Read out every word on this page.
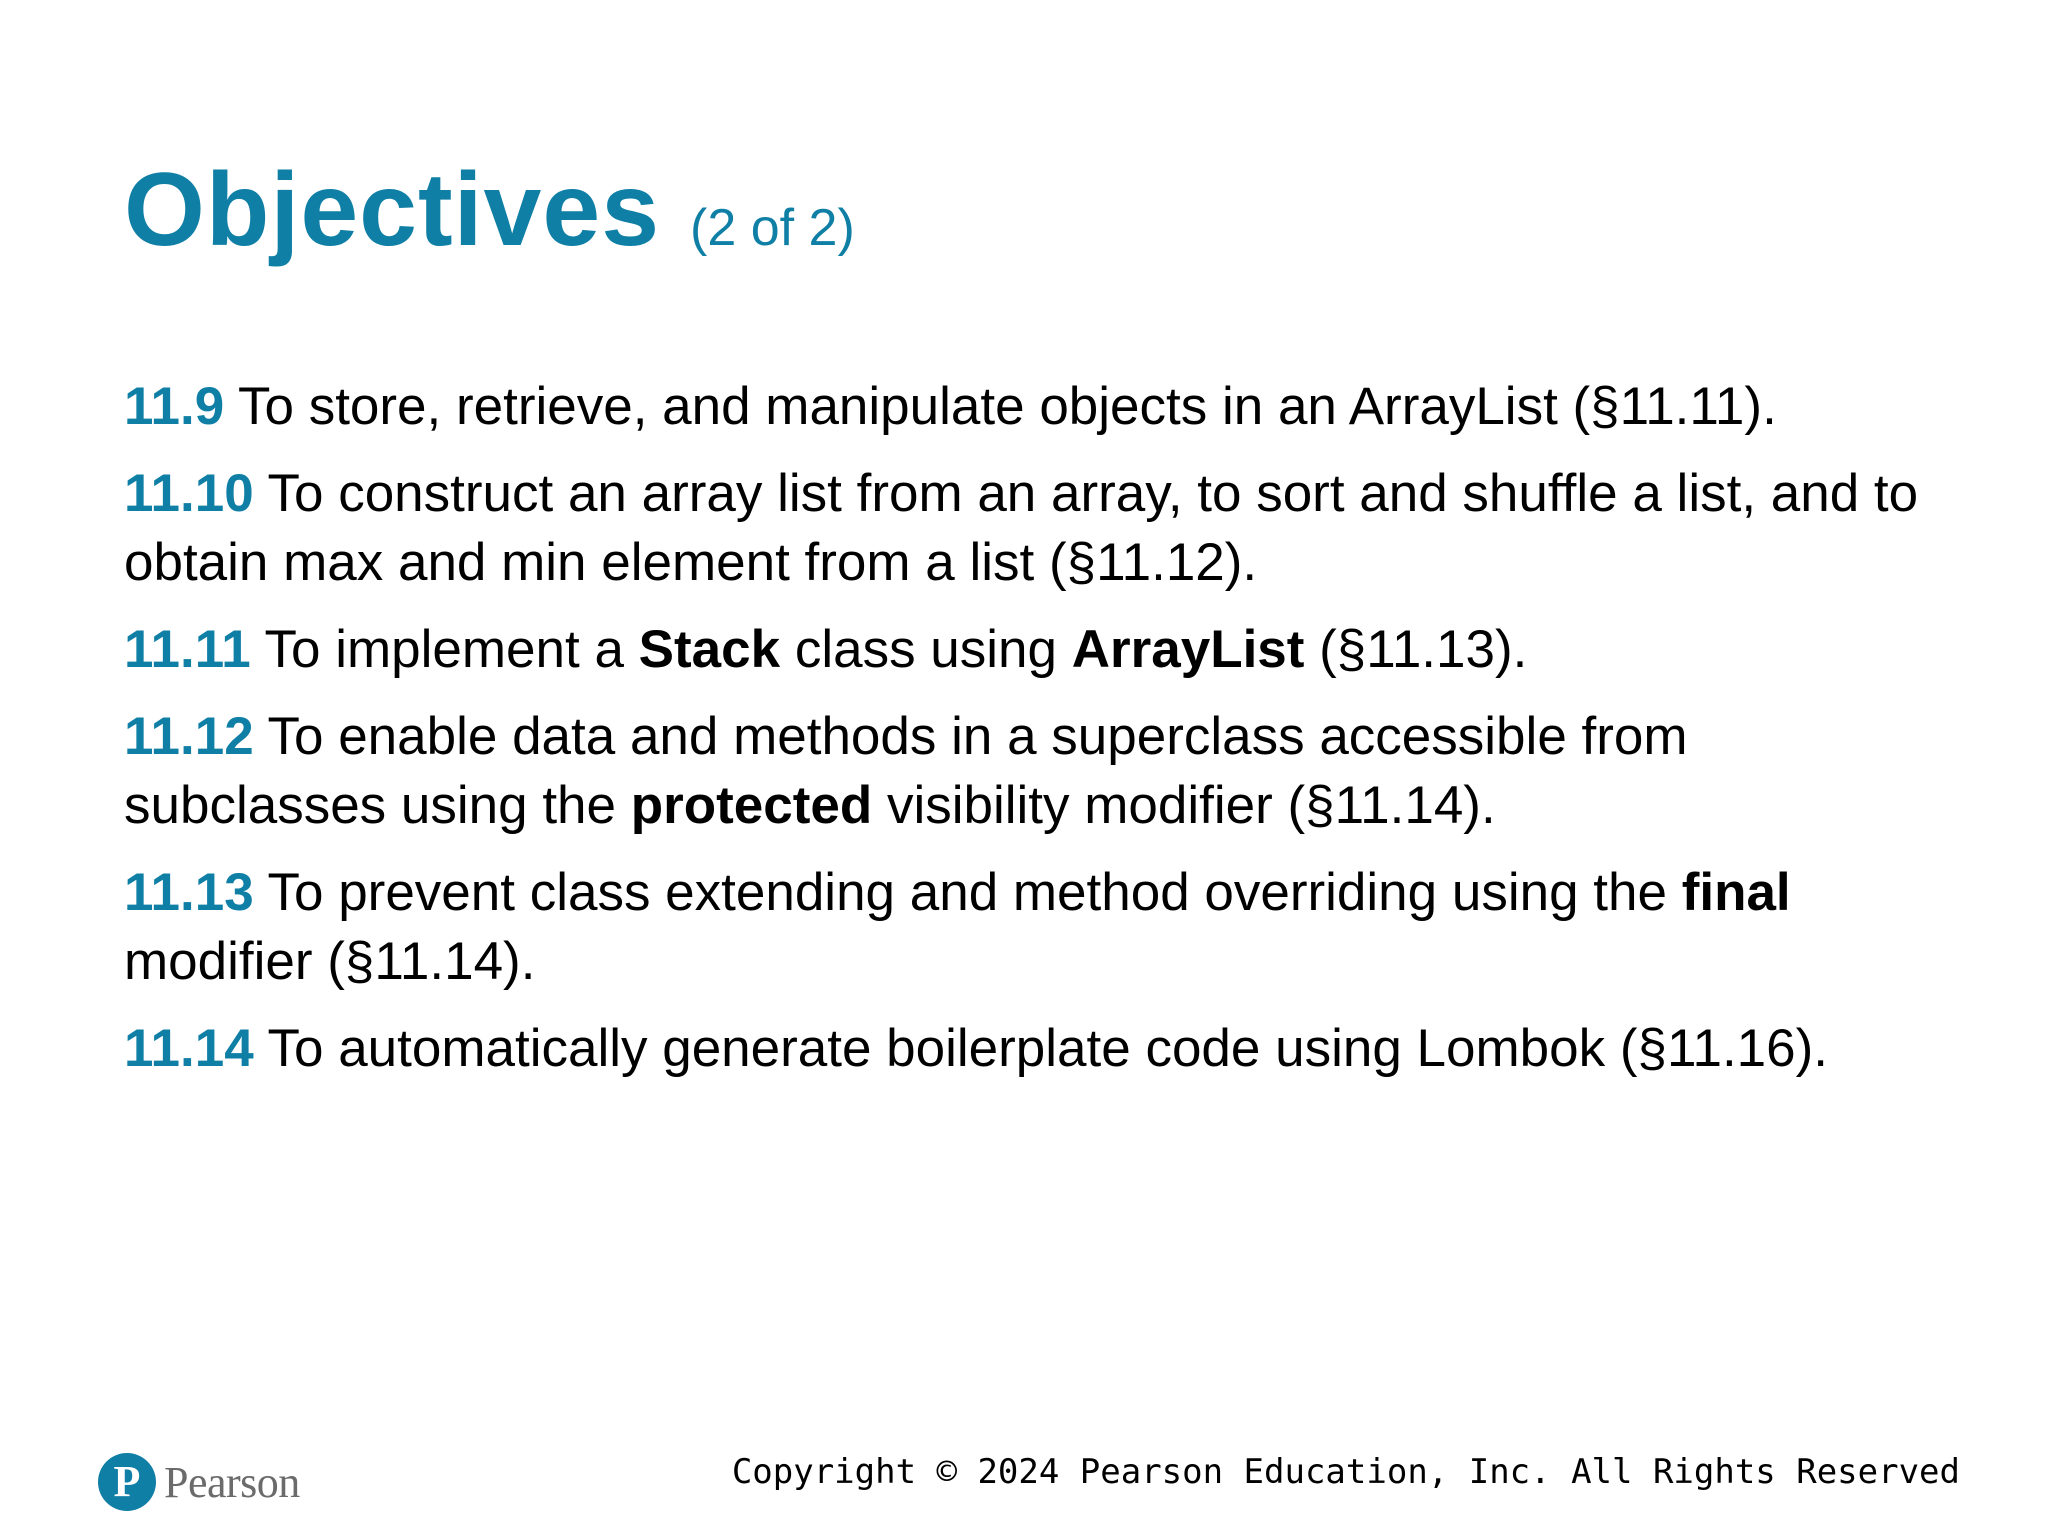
Objectives (2 of 2)

11.9 To store, retrieve, and manipulate objects in an ArrayList (§11.11).

11.10 To construct an array list from an array, to sort and shuffle a list, and to obtain max and min element from a list (§11.12).

11.11 To implement a Stack class using ArrayList (§11.13).

11.12 To enable data and methods in a superclass accessible from subclasses using the protected visibility modifier (§11.14).

11.13 To prevent class extending and method overriding using the final modifier (§11.14).

11.14 To automatically generate boilerplate code using Lombok (§11.16).

P Pearson	Copyright © 2024 Pearson Education, Inc. All Rights Reserved
